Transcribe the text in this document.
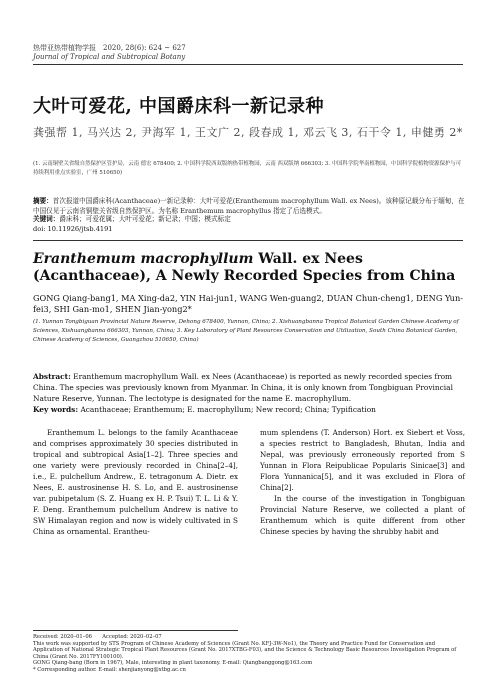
热带亚热带植物学报　2020, 28(6): 624 ~ 627
Journal of Tropical and Subtropical Botany
大叶可爱花, 中国爵床科一新记录种
龚强帮 1, 马兴达 2, 尹海军 1, 王文广 2, 段春成 1, 邓云飞 3, 石干令 1, 申健勇 2*
(1. 云南铜壁关省级自然保护区管护局，云南 德宏 678400; 2. 中国科学院西双版纳热带植物园，云南 西双版纳 666303; 3. 中国科学院华南植物园，中国科学院植物资源保护与可持续利用重点实验室，广州 510650)
摘要：首次报道中国爵床科(Acanthaceae)一新记录种：大叶可爱花(Eranthemum macrophyllum Wall. ex Nees)。该种原记载分布于缅甸，在中国仅见于云南省铜壁关省级自然保护区。为名称 Eranthemum macrophyllus 指定了后选模式。
关键词：爵床科；可爱花属；大叶可爱花；新记录；中国；模式标定
doi: 10.11926/jtsb.4191
Eranthemum macrophyllum Wall. ex Nees (Acanthaceae), A Newly Recorded Species from China
GONG Qiang-bang1, MA Xing-da2, YIN Hai-jun1, WANG Wen-guang2, DUAN Chun-cheng1, DENG Yun-fei3, SHI Gan-mo1, SHEN Jian-yong2*
(1. Yunnan Tongbiguan Provincial Nature Reserve, Dehong 678400, Yunnan, China; 2. Xishuangbanna Tropical Botanical Garden Chinese Academy of Sciences, Xishuangbanna 666303, Yunnan, China; 3. Key Laboratory of Plant Resources Conservation and Utilization, South China Botanical Garden, Chinese Academy of Sciences, Guangzhou 510650, China)
Abstract: Eranthemum macrophyllum Wall. ex Nees (Acanthaceae) is reported as newly recorded species from China. The species was previously known from Myanmar. In China, it is only known from Tongbiguan Provincial Nature Reserve, Yunnan. The lectotype is designated for the name E. macrophyllum.
Key words: Acanthaceae; Eranthemum; E. macrophyllum; New record; China; Typification

Eranthemum L. belongs to the family Acanthaceae and comprises approximately 30 species distributed in tropical and subtropical Asia[1–2]. Three species and one variety were previously recorded in China[2–4], i.e., E. pulchellum Andrew., E. tetragonum A. Dietr. ex Nees, E. austrosinense H. S. Lo, and E. austrosinense var. pubipetalum (S. Z. Huang ex H. P. Tsui) T. L. Li & Y. F. Deng. Eranthemum pulchellum Andrew is native to SW Himalayan region and now is widely cultivated in S China as ornamental. Erantheu-

mum splendens (T. Anderson) Hort. ex Siebert et Voss, a species restrict to Bangladesh, Bhutan, India and Nepal, was previously erroneously reported from S Yunnan in Flora Reipublicae Popularis Sinicae[3] and Flora Yunnanica[5], and it was excluded in Flora of China[2].

In the course of the investigation in Tongbiguan Provincial Nature Reserve, we collected a plant of Eranthemum which is quite different from other Chinese species by having the shrubby habit and

Received: 2020–01–06　　Accepted: 2020–02–07

This work was supported by STS Program of Chinese Academy of Sciences (Grant No. KFJ-3W-No1), the Theory and Practice Fund for Conservation and Application of National Strategic Tropical Plant Resources (Grant No. 2017XTBG-F03), and the Science & Technology Basic Resources Investigation Program of China (Grant No. 2017FY100100).

GONG Qiang-bang (Born in 1967), Male, interesting in plant taxonomy. E-mail: Qiangbanggong@163.com

* Corresponding author. E-mail: shenjianyong@xtbg.ac.cn
